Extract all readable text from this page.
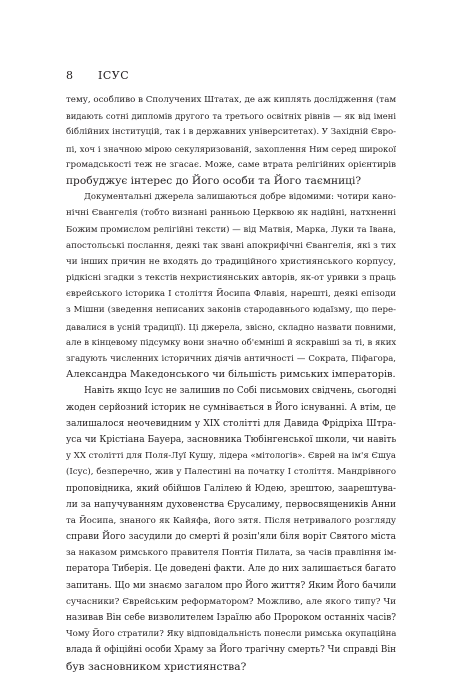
8 ІСУС
тему, особливо в Сполучених Штатах, де аж киплять дослідження (там
видають сотні дипломів другого та третього освітніх рівнів — як від імені
біблійних інституцій, так і в державних університетах). У Західній Євро-
пі, хоч і значною мірою секуляризованій, захоплення Ним серед широкої
громадськості теж не згасає. Може, саме втрата релігійних орієнтирів
пробуджує інтерес до Його особи та Його таємниці?
Документальні джерела залишаються добре відомими: чотири кано-
нічні Євангелія (тобто визнані ранньою Церквою як надійні, натхненні
Божим промислом релігійні тексти) — від Матвія, Марка, Луки та Івана,
апостольські послання, деякі так звані апокрифічні Євангелія, які з тих
чи інших причин не входять до традиційного християнського корпусу,
рідкісні згадки з текстів нехристиянських авторів, як-от уривки з праць
єврейського історика I століття Йосипа Флавія, нарешті, деякі епізоди
з Мішни (зведення неписаних законів стародавнього юдаїзму, що пере-
давалися в усній традиції). Ці джерела, звісно, складно назвати повними,
але в кінцевому підсумку вони значно об'ємніші й яскравіші за ті, в яких
згадують численних історичних діячів античності — Сократа, Піфагора,
Александра Македонського чи більшість римських імператорів.
Навіть якщо Ісус не залишив по Собі письмових свідчень, сьогодні
жоден серйозний історик не сумнівається в Його існуванні. А втім, це
залишалося неочевидним у XIX столітті для Давида Фрідріха Штра-
уса чи Крістіана Бауера, засновника Тюбінгенської школи, чи навіть
у XX столітті для Поля-Луї Кушу, лідера «мітологів». Єврей на ім'я Єшуа
(Ісус), безперечно, жив у Палестині на початку I століття. Мандрівного
проповідника, який обійшов Галілею й Юдею, зрештою, заарештува-
ли за напучуванням духовенства Єрусалиму, первосвящеників Анни
та Йосипа, знаного як Кайяфа, його зятя. Після нетривалого розгляду
справи Його засудили до смерті й розіп'яли біля воріт Святого міста
за наказом римського правителя Понтія Пилата, за часів правління ім-
ператора Тиберія. Це доведені факти. Але до них залишається багато
запитань. Що ми знаємо загалом про Його життя? Яким Його бачили
сучасники? Єврейським реформатором? Можливо, але якого типу? Чи
називав Він себе визволителем Ізраїлю або Пророком останніх часів?
Чому Його стратили? Яку відповідальність понесли римська окупаційна
влада й офіційні особи Храму за Його трагічну смерть? Чи справді Він
був засновником християнства?
